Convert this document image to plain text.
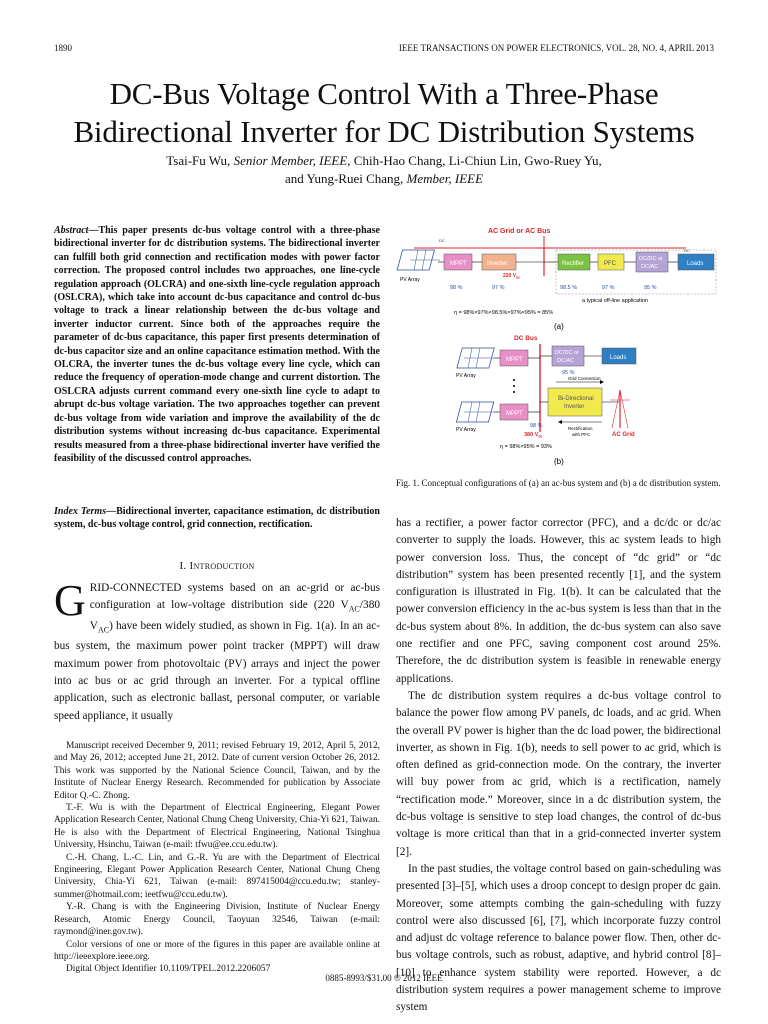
1890	IEEE TRANSACTIONS ON POWER ELECTRONICS, VOL. 28, NO. 4, APRIL 2013
DC-Bus Voltage Control With a Three-Phase
Bidirectional Inverter for DC Distribution Systems
Tsai-Fu Wu, Senior Member, IEEE, Chih-Hao Chang, Li-Chiun Lin, Gwo-Ruey Yu,
and Yung-Ruei Chang, Member, IEEE
Abstract—This paper presents dc-bus voltage control with a three-phase bidirectional inverter for dc distribution systems. The bidirectional inverter can fulfill both grid connection and rectification modes with power factor correction. The proposed control includes two approaches, one line-cycle regulation approach (OLCRA) and one-sixth line-cycle regulation approach (OSLCRA), which take into account dc-bus capacitance and control dc-bus voltage to track a linear relationship between the dc-bus voltage and inverter inductor current. Since both of the approaches require the parameter of dc-bus capacitance, this paper first presents determination of dc-bus capacitor size and an online capacitance estimation method. With the OLCRA, the inverter tunes the dc-bus voltage every line cycle, which can reduce the frequency of operation-mode change and current distortion. The OSLCRA adjusts current command every one-sixth line cycle to adapt to abrupt dc-bus voltage variation. The two approaches together can prevent dc-bus voltage from wide variation and improve the availability of the dc distribution systems without increasing dc-bus capacitance. Experimental results measured from a three-phase bidirectional inverter have verified the feasibility of the discussed control approaches.
Index Terms—Bidirectional inverter, capacitance estimation, dc distribution system, dc-bus voltage control, grid connection, rectification.
I. Introduction
GRID-CONNECTED systems based on an ac-grid or ac-bus configuration at low-voltage distribution side (220 $V_{AC}/380$ $V_{AC}$) have been widely studied, as shown in Fig. 1(a). In an ac-bus system, the maximum power point tracker (MPPT) will draw maximum power from photovoltaic (PV) arrays and inject the power into ac bus or ac grid through an inverter. For a typical offline application, such as electronic ballast, personal computer, or variable speed appliance, it usually

Manuscript received December 9, 2011; revised February 19, 2012, April 5, 2012, and May 26, 2012; accepted June 21, 2012. Date of current version October 26, 2012. This work was supported by the National Science Council, Taiwan, and by the Institute of Nuclear Energy Research. Recommended for publication by Associate Editor Q.-C. Zhong.

T.-F. Wu is with the Department of Electrical Engineering, Elegant Power Application Research Center, National Chung Cheng University, Chia-Yi 621, Taiwan. He is also with the Department of Electrical Engineering, National Tsinghua University, Hsinchu, Taiwan (e-mail: tfwu@ee.ccu.edu.tw).

C.-H. Chang, L.-C. Lin, and G.-R. Yu are with the Department of Electrical Engineering, Elegant Power Application Research Center, National Chung Cheng University, Chia-Yi 621, Taiwan (e-mail: 897415004@ccu.edu.tw; stanley-summer@hotmail.com; ieetfwu@ccu.edu.tw).

Y.-R. Chang is with the Engineering Division, Institute of Nuclear Energy Research, Atomic Energy Council, Taoyuan 32546, Taiwan (e-mail: raymond@iner.gov.tw).

Color versions of one or more of the figures in this paper are available online at http://ieeexplore.ieee.org.

Digital Object Identifier 10.1109/TPEL.2012.2206057

AC Grid or AC Bus
DC
DC
PV Array
MPPT	Inverter
220 $V_{ac}$
Rectifier	PFC
DC/DC or
DC/AC	Loads
98 %	97 %	98.5 %	97 %	95 %
a typical off-line application
η = 98%×97%×98.5%×97%×95% = 85%
(a)
DC Bus
PV Array
MPPT
PV Array
MPPT
98 %
DC/DC or
DC/AC	Loads
95 %
Grid Connection
Bi-Directional
Inverter
AC Grid
Rectification
with PFC
380 $V_{dc}$
η = 98%×95% = 93%
(b)
Fig. 1. Conceptual configurations of (a) an ac-bus system and (b) a dc distribution system.

has a rectifier, a power factor corrector (PFC), and a dc/dc or dc/ac converter to supply the loads. However, this ac system leads to high power conversion loss. Thus, the concept of “dc grid” or “dc distribution” system has been presented recently [1], and the system configuration is illustrated in Fig. 1(b). It can be calculated that the power conversion efficiency in the ac-bus system is less than that in the dc-bus system about 8%. In addition, the dc-bus system can also save one rectifier and one PFC, saving component cost around 25%. Therefore, the dc distribution system is feasible in renewable energy applications.

The dc distribution system requires a dc-bus voltage control to balance the power flow among PV panels, dc loads, and ac grid. When the overall PV power is higher than the dc load power, the bidirectional inverter, as shown in Fig. 1(b), needs to sell power to ac grid, which is often defined as grid-connection mode. On the contrary, the inverter will buy power from ac grid, which is a rectification, namely “rectification mode.” Moreover, since in a dc distribution system, the dc-bus voltage is sensitive to step load changes, the control of dc-bus voltage is more critical than that in a grid-connected inverter system [2].

In the past studies, the voltage control based on gain-scheduling was presented [3]–[5], which uses a droop concept to design proper dc gain. Moreover, some attempts combing the gain-scheduling with fuzzy control were also discussed [6], [7], which incorporate fuzzy control and adjust dc voltage reference to balance power flow. Then, other dc-bus voltage controls, such as robust, adaptive, and hybrid control [8]–[10] to enhance system stability were reported. However, a dc distribution system requires a power management scheme to improve system

0885-8993/$31.00 © 2012 IEEE
